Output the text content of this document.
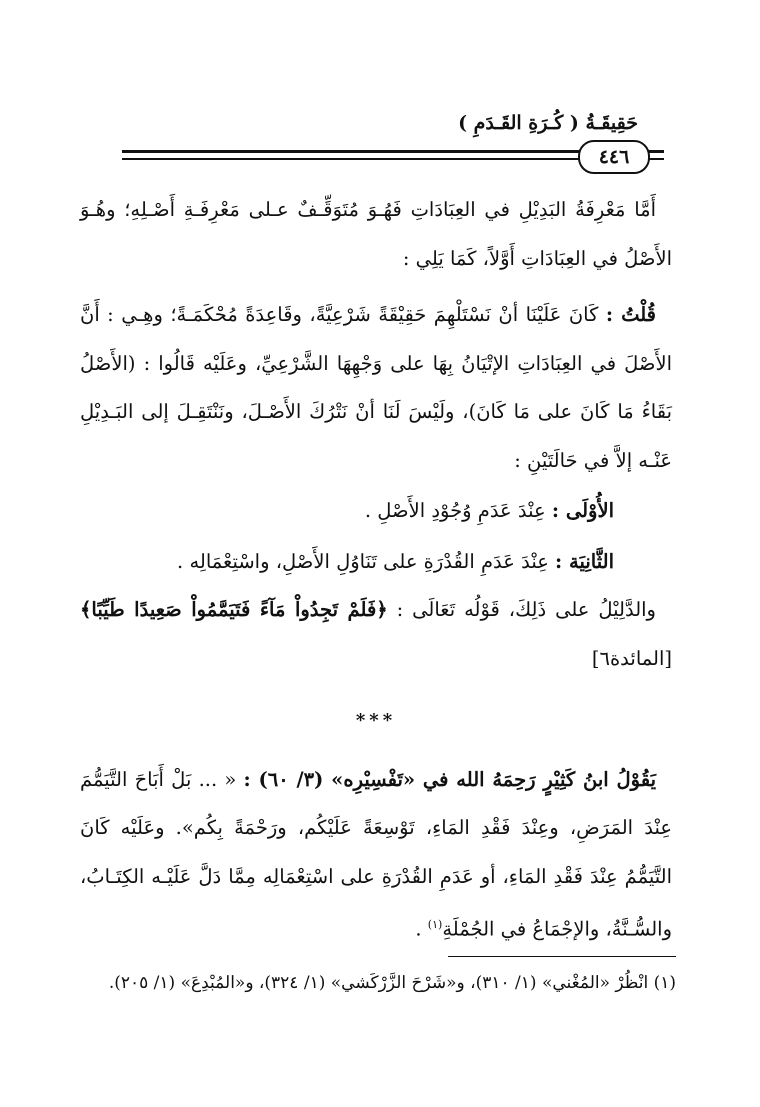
حَقِيقَـةُ ( كُـرَةِ القَـدَمِ )
٤٤٦

أَمَّا مَعْرِفَةُ البَدِيْلِ في العِبَادَاتِ فَهُـوَ مُتَوَقِّـفٌ عـلى مَعْرِفَـةِ أَصْـلِهِ؛ وهُـوَ الأَصْلُ في العِبَادَاتِ أَوَّلاً، كَمَا يَلِي :

قُلْتُ : كَانَ عَلَيْنَا أنْ نَسْتَلْهِمَ حَقِيْقَةً شَرْعِيَّةً، وقَاعِدَةً مُحْكَمَـةً؛ وهِـي : أَنَّ الأَصْلَ في العِبَادَاتِ الإتْيَانُ بِهَا على وَجْهِهَا الشَّرْعِيِّ، وعَلَيْه قَالُوا : (الأَصْلُ بَقَاءُ مَا كَانَ على مَا كَانَ)، ولَيْسَ لَنَا أنْ نَتْرُكَ الأَصْـلَ، ونَنْتَقِـلَ إلى البَـدِيْلِ عَنْـه إلاَّ في حَالَتَيْنِ :

الأُوْلَى : عِنْدَ عَدَمِ وُجُوْدِ الأَصْلِ .

الثَّانِيَة : عِنْدَ عَدَمِ القُدْرَةِ على تَنَاوُلِ الأَصْلِ، واسْتِعْمَالِه .

والدَّلِيْلُ على ذَلِكَ، قَوْلُه تَعَالَى : ﴿فَلَمْ تَجِدُواْ مَآءً فَتَيَمَّمُواْ صَعِيدًا طَيِّبًا﴾ [المائدة٦]

***

يَقُوْلُ ابنُ كَثِيْرٍ رَحِمَهُ الله في «تَفْسِيْرِه» (٣/ ٦٠) : « ... بَلْ أَبَاحَ التَّيَمُّمَ عِنْدَ المَرَضِ، وعِنْدَ فَقْدِ المَاءِ، تَوْسِعَةً عَلَيْكُم، ورَحْمَةً بِكُم». وعَلَيْه كَانَ التَّيَمُّمُ عِنْدَ فَقْدِ المَاءِ، أو عَدَمِ القُدْرَةِ على اسْتِعْمَالِه مِمَّا دَلَّ عَلَيْـه الكِتَـابُ، والسُّـنَّةُ، والإجْمَاعُ في الجُمْلَةِ$^{(١)}$ .

(١) انْظُرْ «المُغْني» (١/ ٣١٠)، و«شَرْحَ الزَّرْكَشي» (١/ ٣٢٤)، و«المُبْدِعَ» (١/ ٢٠٥).
